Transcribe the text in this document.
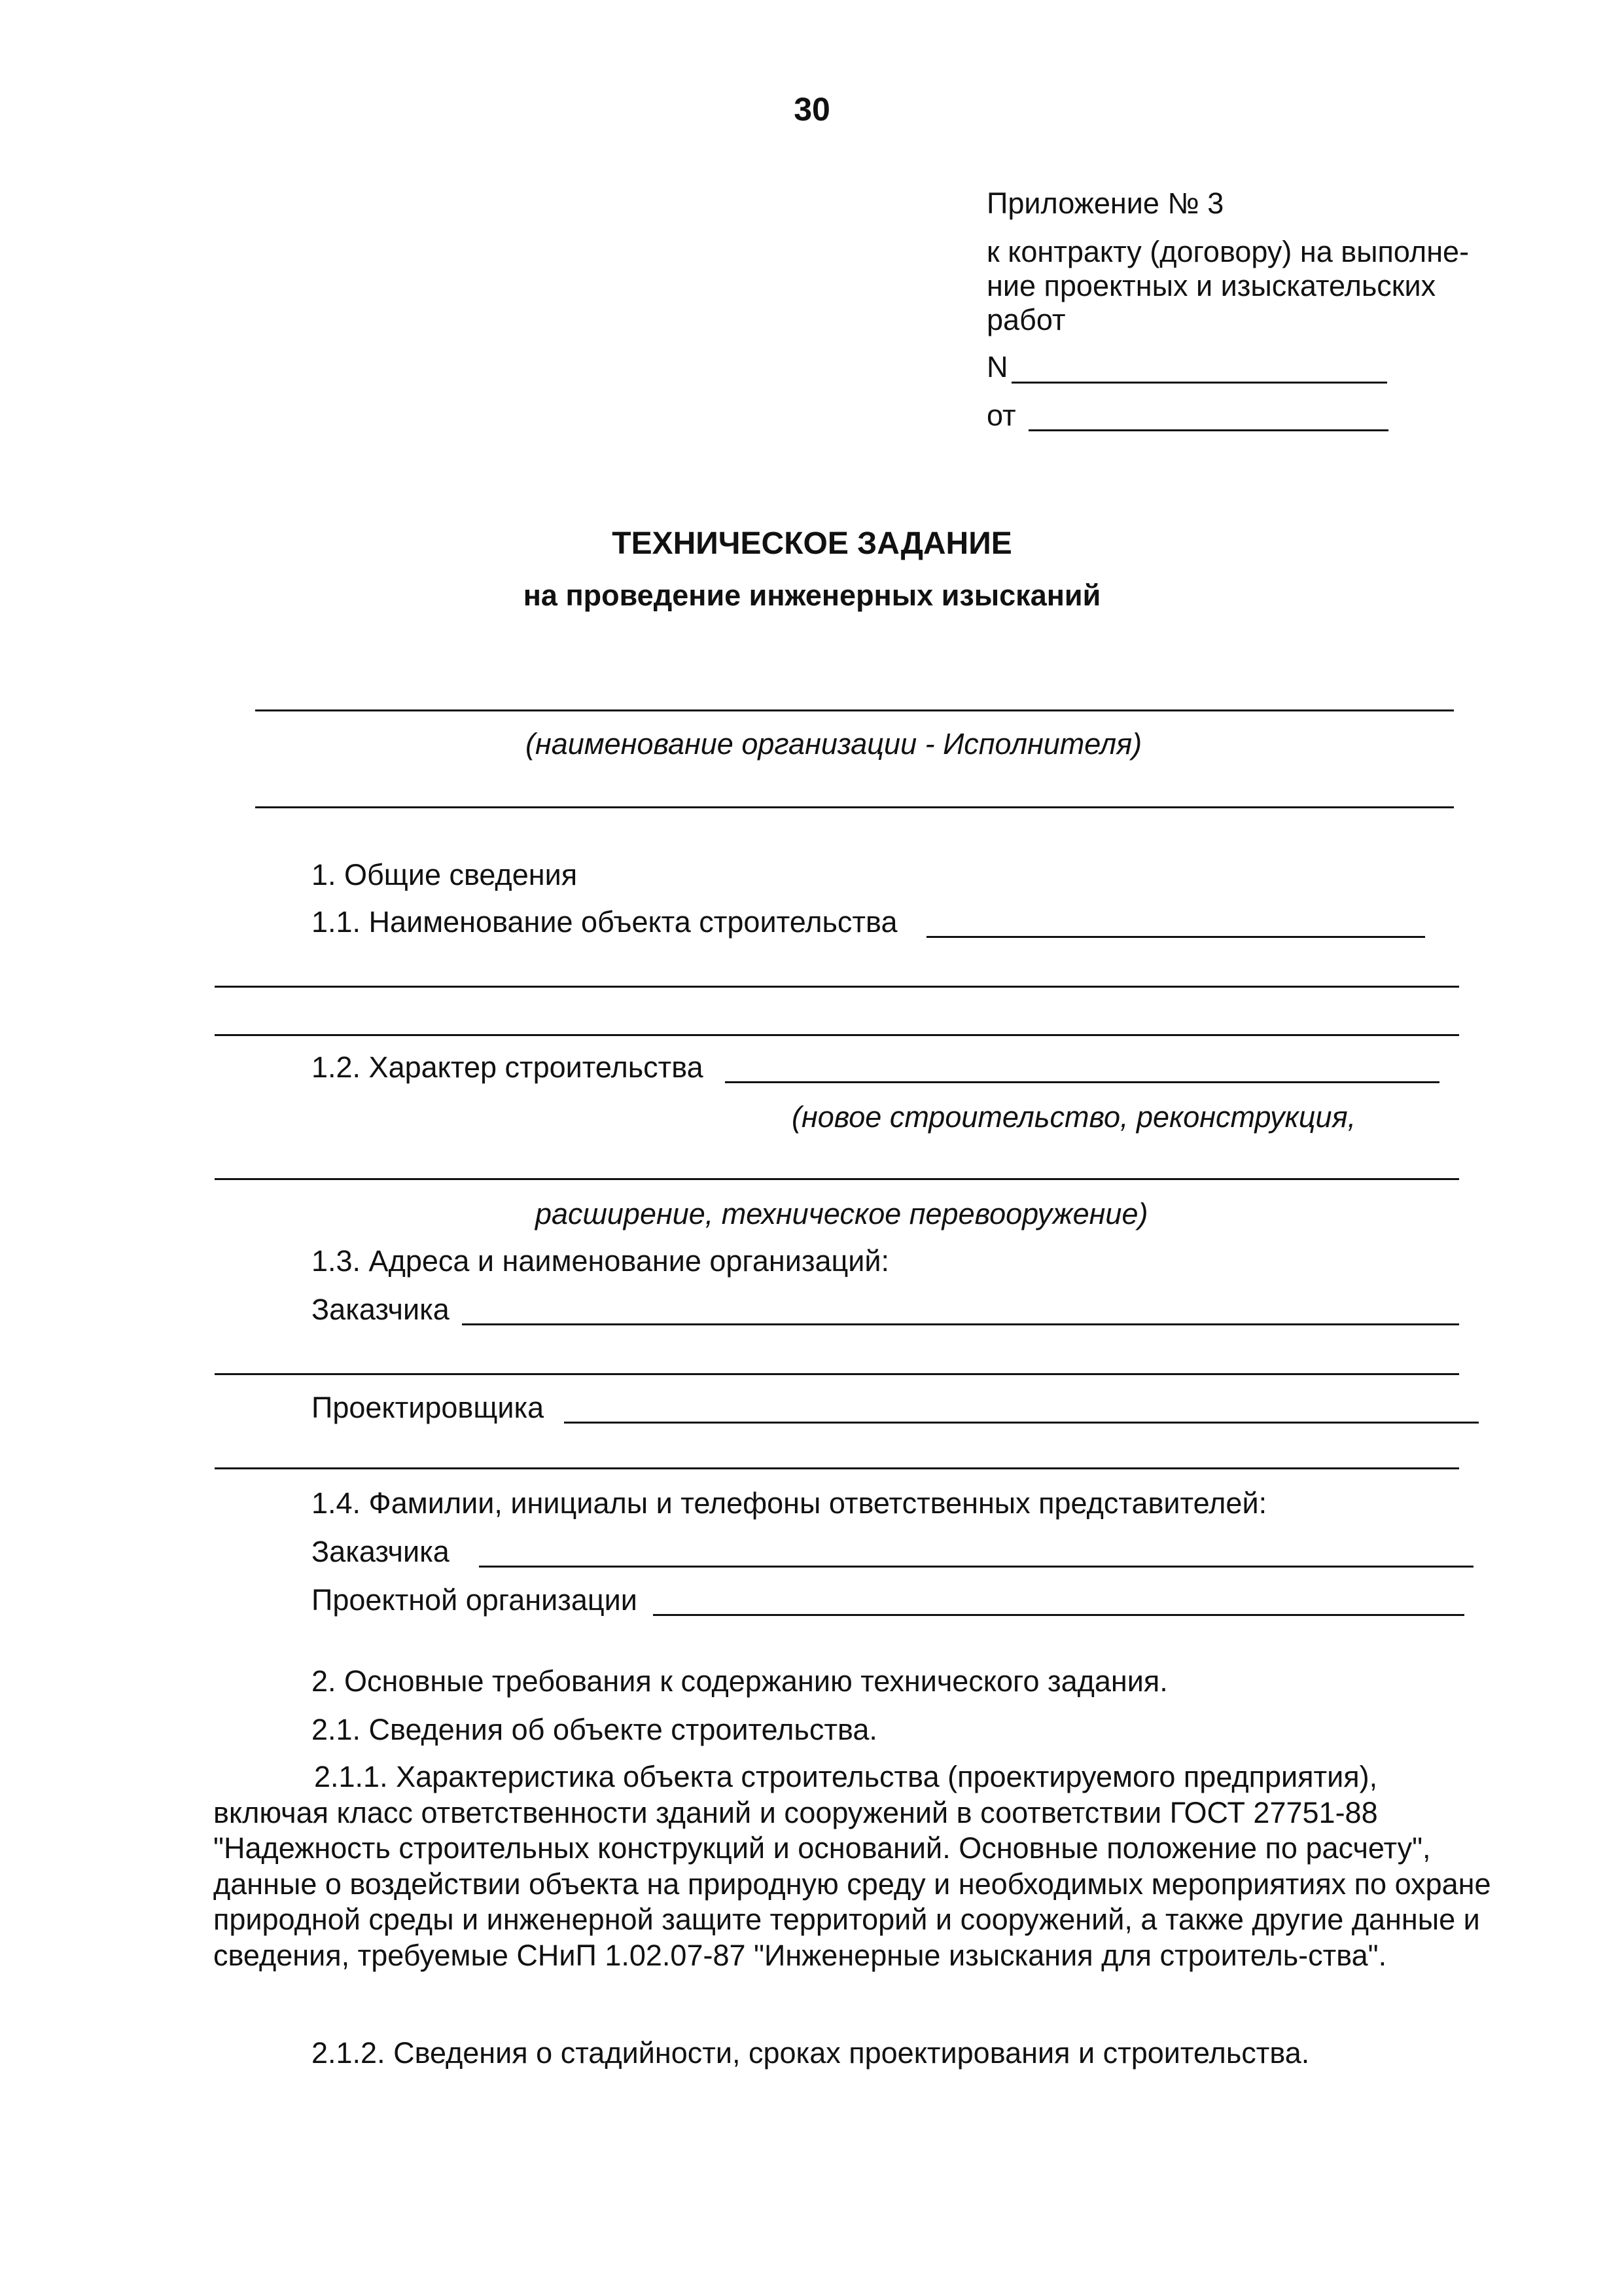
30
Приложение № 3
к контракту (договору) на выполне-
ние проектных и изыскательских
работ
N
от
ТЕХНИЧЕСКОЕ ЗАДАНИЕ
на проведение инженерных изысканий
(наименование организации - Исполнителя)
1. Общие сведения
1.1. Наименование объекта строительства
1.2. Характер строительства
(новое строительство, реконструкция,
расширение, техническое перевооружение)
1.3. Адреса и наименование организаций:
Заказчика
Проектировщика
1.4. Фамилии, инициалы и телефоны ответственных представителей:
Заказчика
Проектной организации
2. Основные требования к содержанию технического задания.
2.1. Сведения об объекте строительства.
2.1.1. Характеристика объекта строительства (проектируемого предприятия), включая класс ответственности зданий и сооружений в соответствии ГОСТ 27751-88 "Надежность строительных конструкций и оснований. Основные положение по расчету", данные о воздействии объекта на природную среду и необходимых мероприятиях по охране природной среды и инженерной защите территорий и сооружений, а также другие данные и сведения, требуемые СНиП 1.02.07-87 "Инженерные изыскания для строитель-ства".
2.1.2. Сведения о стадийности, сроках проектирования и строительства.
